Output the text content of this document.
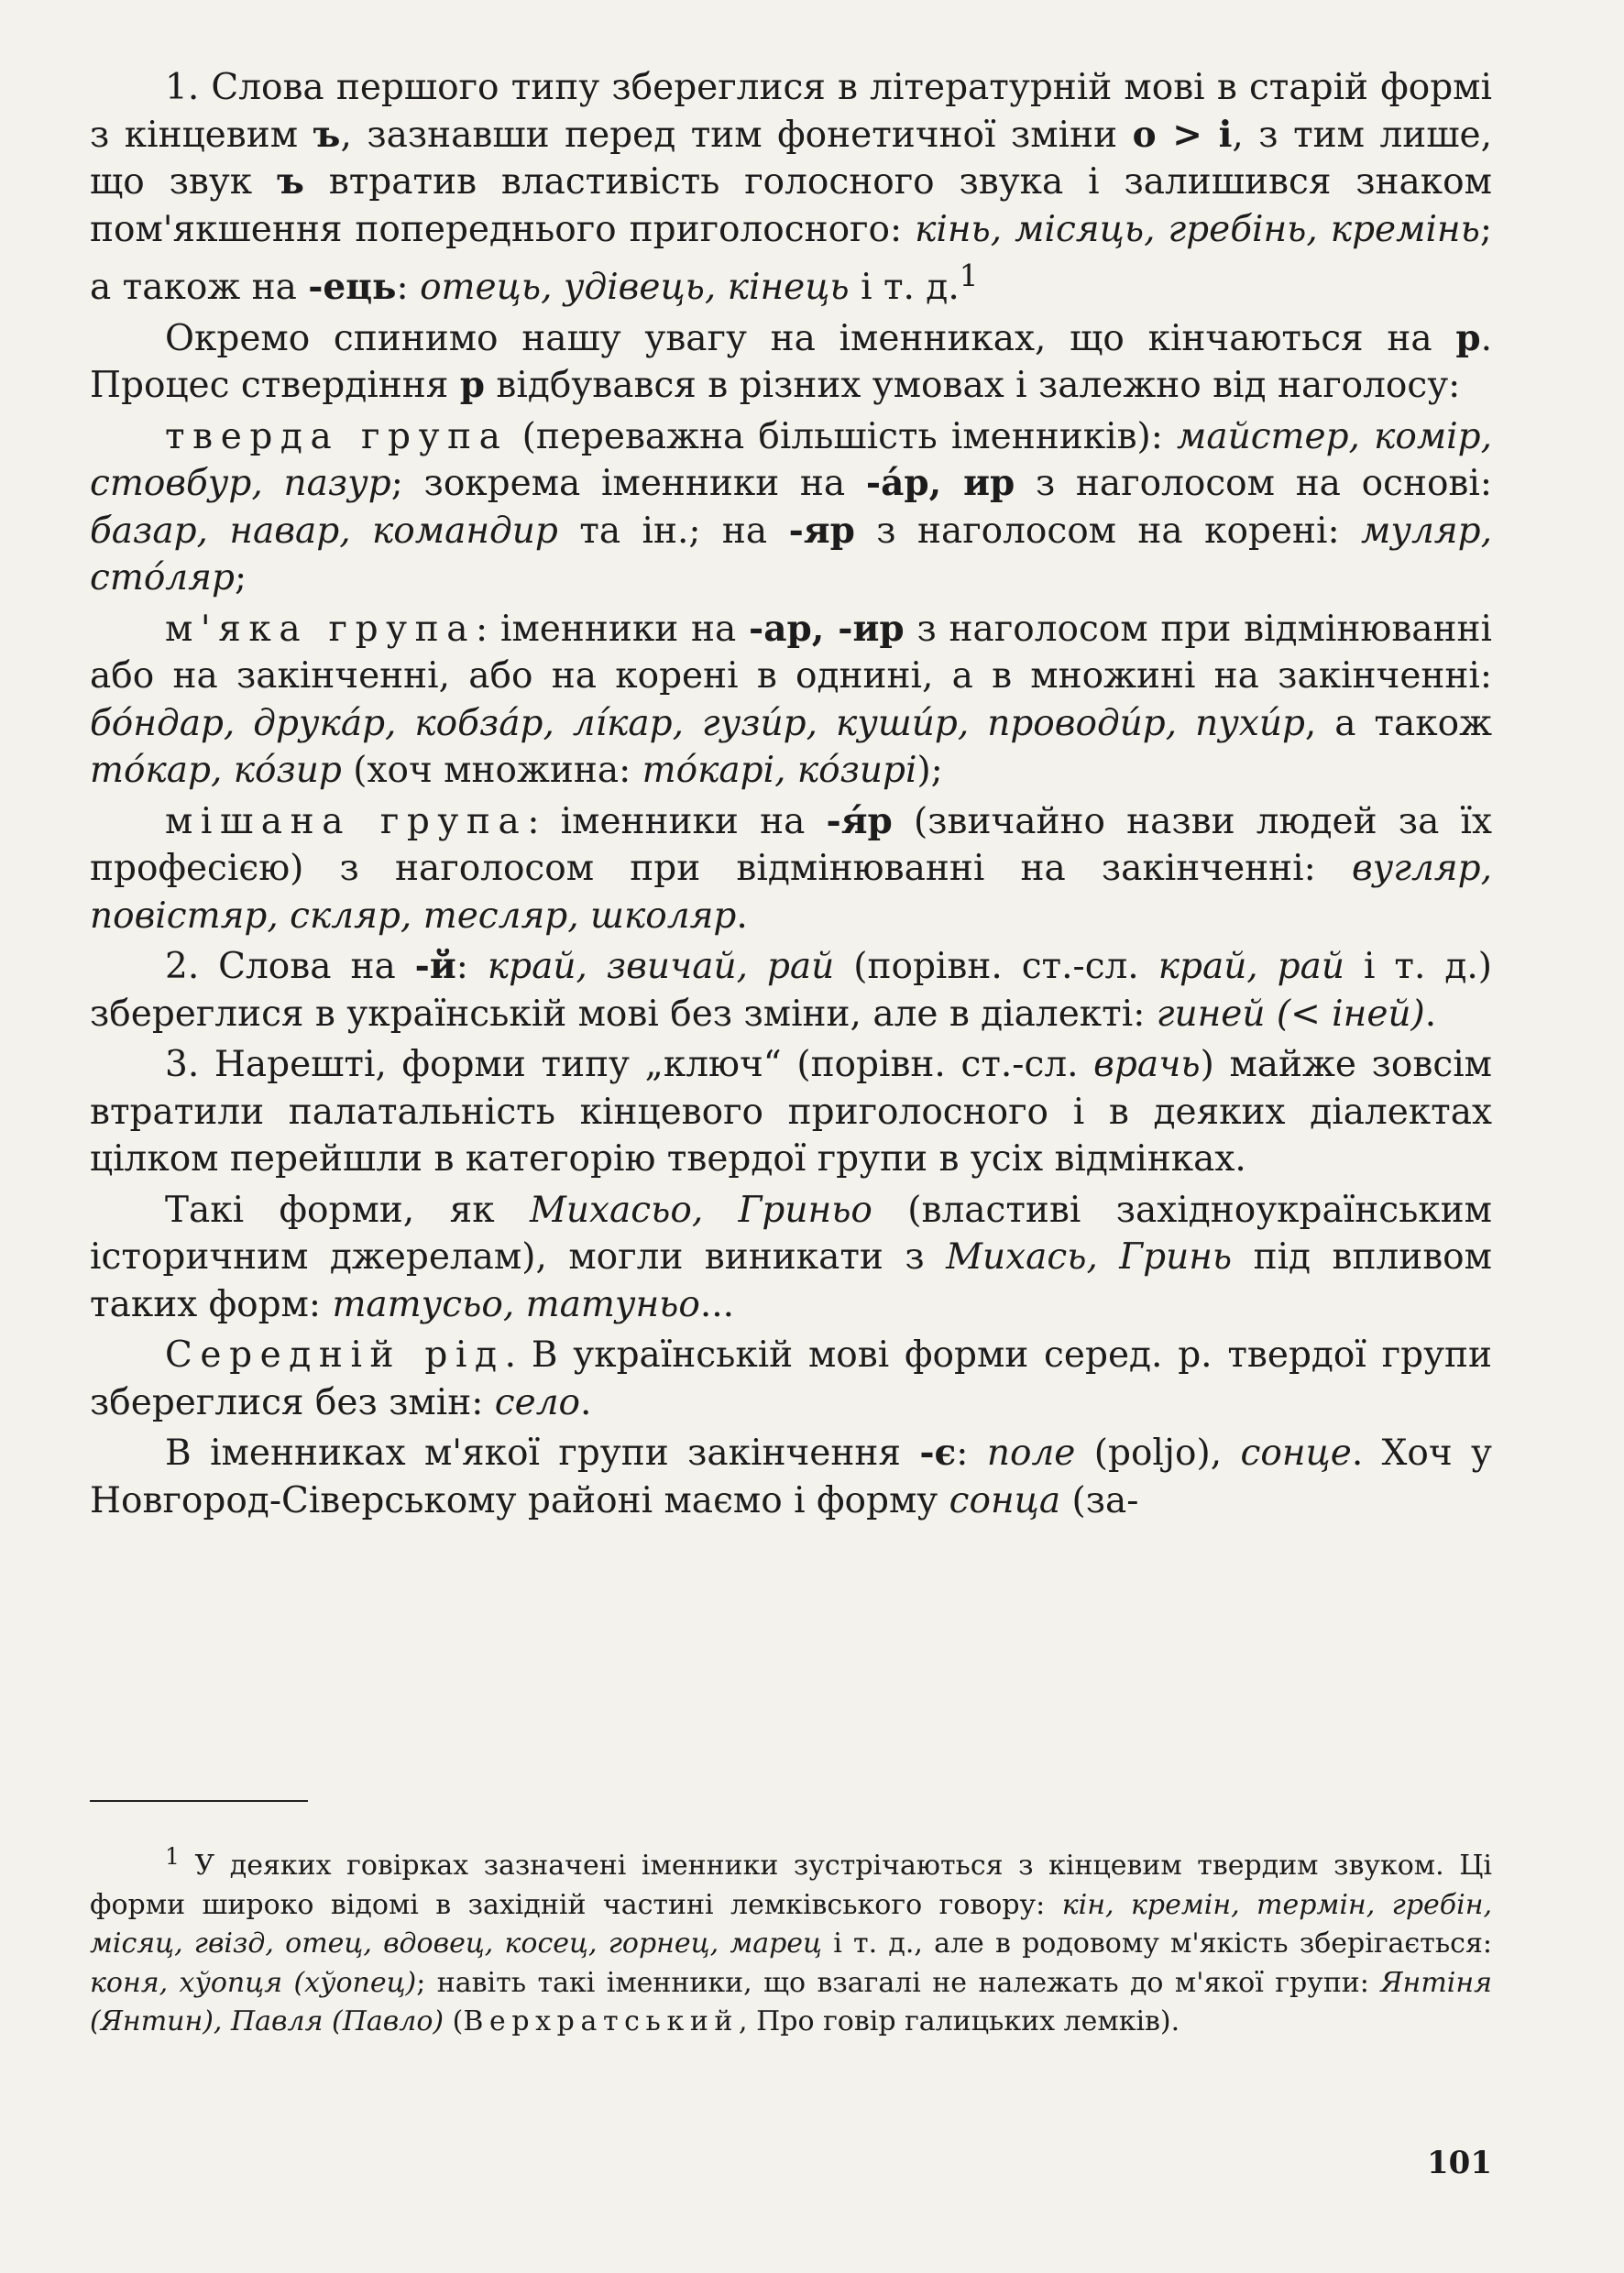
1. Слова першого типу збереглися в літературній мові в старій формі з кінцевим ъ, зазнавши перед тим фонетичної зміни о > і, з тим лише, що звук ъ втратив властивість голосного звука і залишився знаком пом'якшення попереднього приголосного: кінь, місяць, гребінь, кремінь; а також на -ець: отець, удівець, кінець і т. д.$^1$

Окремо спинимо нашу увагу на іменниках, що кінчаються на р. Процес ствердіння р відбувався в різних умовах і залежно від наголосу:

тверда група (переважна більшість іменників): майстер, комір, стовбур, пазур; зокрема іменники на -áр, ир з наголосом на основі: базар, навар, командир та ін.; на -яр з наголосом на корені: муляр, стóляр;

м'яка група: іменники на -ар, -ир з наголосом при відмінюванні або на закінченні, або на корені в однині, а в множині на закінченні: бóндар, друкáр, кобзáр, лíкар, гузúр, кушúр, проводúр, пухúр, а також тóкар, кóзир (хоч множина: тóкарі, кóзирі);

мішана група: іменники на -я́р (звичайно назви людей за їх професією) з наголосом при відмінюванні на закінченні: вугляр, повістяр, скляр, тесляр, школяр.

2. Слова на -й: край, звичай, рай (порівн. ст.-сл. край, рай і т. д.) збереглися в українській мові без зміни, але в діалекті: гиней (< іней).

3. Нарешті, форми типу „ключ“ (порівн. ст.-сл. врачь) майже зовсім втратили палатальність кінцевого приголосного і в деяких діалектах цілком перейшли в категорію твердої групи в усіх відмінках.

Такі форми, як Михасьо, Гриньо (властиві західноукраїнським історичним джерелам), могли виникати з Михась, Гринь під впливом таких форм: татусьо, татуньо...

Середній рід. В українській мові форми серед. р. твердої групи збереглися без змін: село.

В іменниках м'якої групи закінчення -є: поле (polјo), сонце. Хоч у Новгород-Сіверському районі маємо і форму сонца (за-

$^1$ У деяких говірках зазначені іменники зустрічаються з кінцевим твердим звуком. Ці форми широко відомі в західній частині лемківського говору: кін, кремін, термін, гребін, місяц, гвізд, отец, вдовец, косец, горнец, марец і т. д., але в родовому м'якість зберігається: коня, хўопця (хўопец); навіть такі іменники, що взагалі не належать до м'якої групи: Янтіня (Янтин), Павля (Павло) (Верхратський, Про говір галицьких лемків).

101
